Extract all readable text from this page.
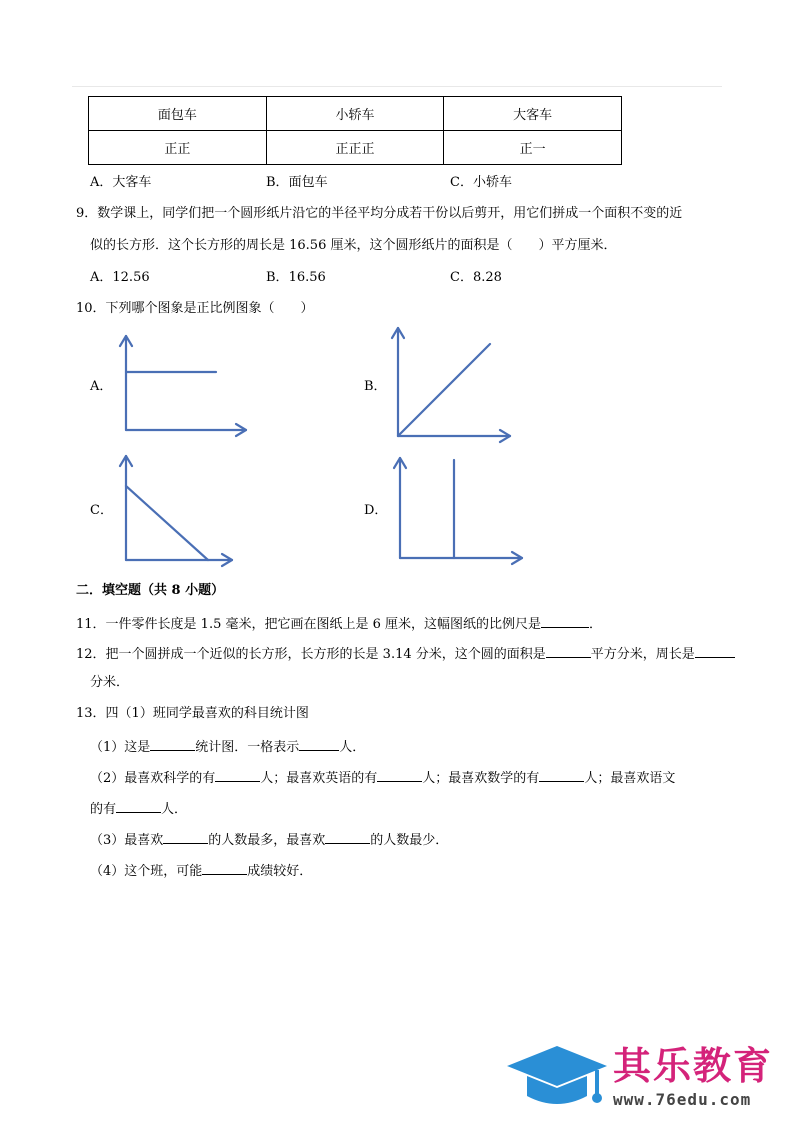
面包车	小轿车	大客车
正正	正正正	正一
A．大客车	B．面包车	C．小轿车
9．数学课上，同学们把一个圆形纸片沿它的半径平均分成若干份以后剪开，用它们拼成一个面积不变的近
似的长方形．这个长方形的周长是 16.56 厘米，这个圆形纸片的面积是（　　）平方厘米．
A．12.56	B．16.56	C．8.28
10．下列哪个图象是正比例图象（　　）
A．	B．
C．	D．
二．填空题（共 8 小题）
11．一件零件长度是 1.5 毫米，把它画在图纸上是 6 厘米，这幅图纸的比例尺是	．
12．把一个圆拼成一个近似的长方形，长方形的长是 3.14 分米，这个圆的面积是	平方分米，周长是
分米．
13．四（1）班同学最喜欢的科目统计图
（1）这是	统计图．一格表示	人．
（2）最喜欢科学的有	人；最喜欢英语的有	人；最喜欢数学的有	人；最喜欢语文
的有	人．
（3）最喜欢	的人数最多，最喜欢	的人数最少．
（4）这个班，可能	成绩较好．
其乐教育
www.76edu.com
